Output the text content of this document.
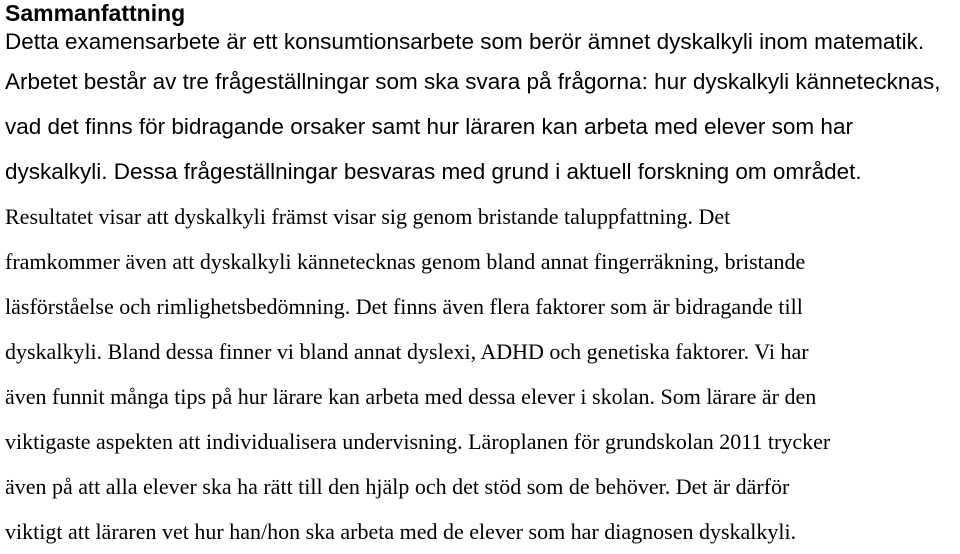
Sammanfattning
Detta examensarbete är ett konsumtionsarbete som berör ämnet dyskalkyli inom matematik.
Arbetet består av tre frågeställningar som ska svara på frågorna: hur dyskalkyli kännetecknas,
vad det finns för bidragande orsaker samt hur läraren kan arbeta med elever som har
dyskalkyli. Dessa frågeställningar besvaras med grund i aktuell forskning om området.
Resultatet visar att dyskalkyli främst visar sig genom bristande taluppfattning. Det
framkommer även att dyskalkyli kännetecknas genom bland annat fingerräkning, bristande
läsförståelse och rimlighetsbedömning. Det finns även flera faktorer som är bidragande till
dyskalkyli. Bland dessa finner vi bland annat dyslexi, ADHD och genetiska faktorer. Vi har
även funnit många tips på hur lärare kan arbeta med dessa elever i skolan. Som lärare är den
viktigaste aspekten att individualisera undervisning. Läroplanen för grundskolan 2011 trycker
även på att alla elever ska ha rätt till den hjälp och det stöd som de behöver. Det är därför
viktigt att läraren vet hur han/hon ska arbeta med de elever som har diagnosen dyskalkyli.
